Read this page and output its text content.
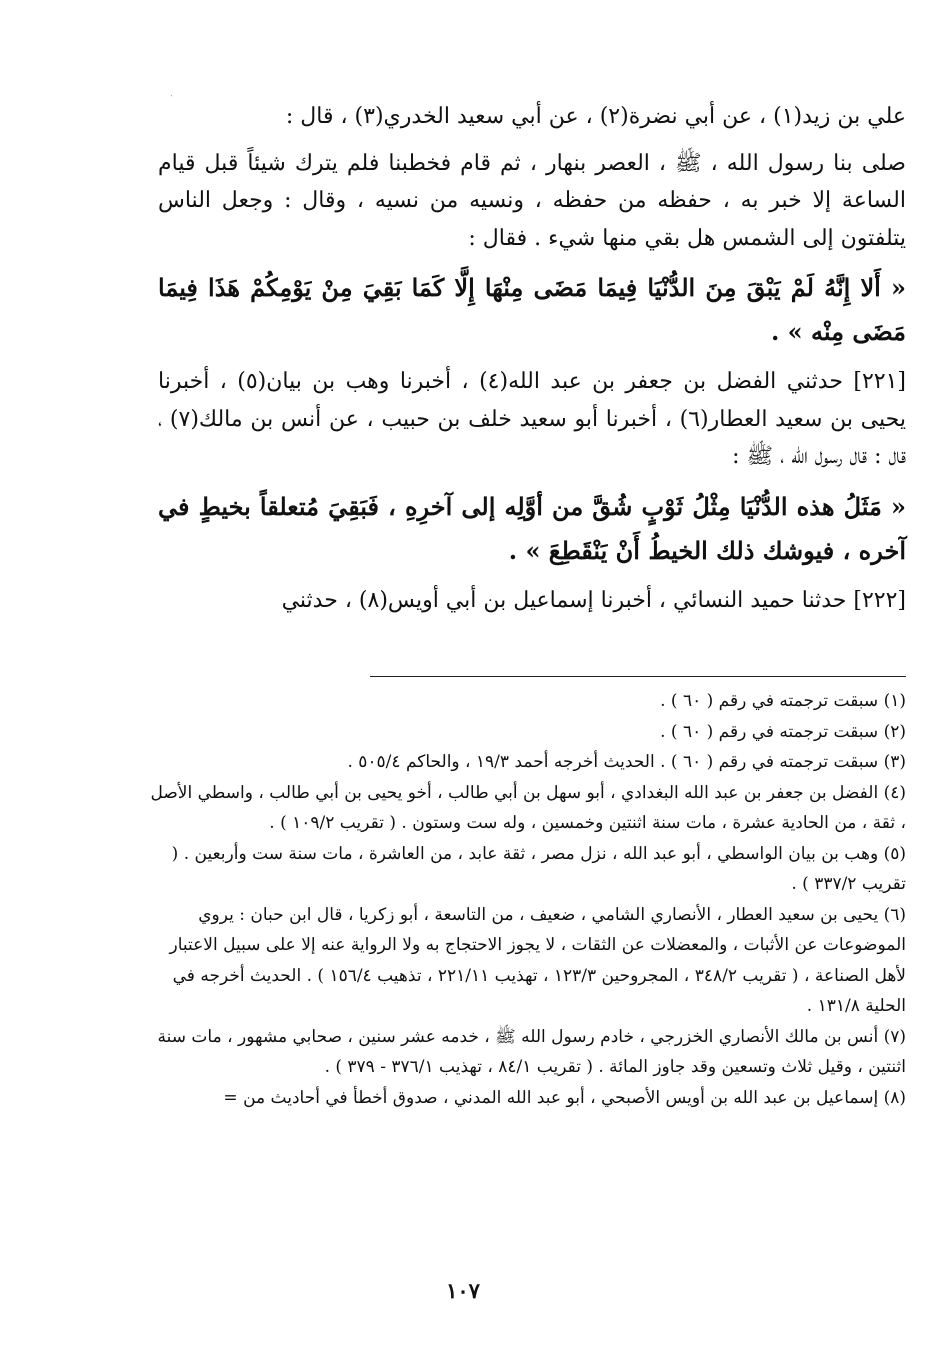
ˎ

علي بن زيد(١) ، عن أبي نضرة(٢) ، عن أبي سعيد الخدري(٣) ، قال :

صلى بنا رسول الله ، ﷺ ، العصر بنهار ، ثم قام فخطبنا فلم يترك شيئاً قبل قيام الساعة إلا خبر به ، حفظه من حفظه ، ونسيه من نسيه ، وقال : وجعل الناس يتلفتون إلى الشمس هل بقي منها شيء . فقال :

« أَلا إِنَّهُ لَمْ يَبْقَ مِنَ الدُّنْيَا فِيمَا مَضَى مِنْهَا إِلَّا كَمَا بَقِيَ مِنْ يَوْمِكُمْ هَذَا فِيمَا مَضَى مِنْه » .

[٢٢١] حدثني الفضل بن جعفر بن عبد الله(٤) ، أخبرنا وهب بن بيان(٥) ، أخبرنا يحيى بن سعيد العطار(٦) ، أخبرنا أبو سعيد خلف بن حبيب ، عن أنس بن مالك(٧) ، قال : قال رسول الله ، ﷺ :

« مَثَلُ هذه الدُّنْيَا مِثْلُ ثَوْبٍ شُقَّ من أوَّلِه إلى آخرِهِ ، فَبَقِيَ مُتعلقاً بخيطٍ في آخره ، فيوشك ذلك الخيطُ أَنْ يَنْقَطِعَ » .

[٢٢٢] حدثنا حميد النسائي ، أخبرنا إسماعيل بن أبي أويس(٨) ، حدثني

(١) سبقت ترجمته في رقم ( ٦٠ ) .

(٢) سبقت ترجمته في رقم ( ٦٠ ) .

(٣) سبقت ترجمته في رقم ( ٦٠ ) . الحديث أخرجه أحمد ١٩/٣ ، والحاكم ٥٠٥/٤ .

(٤) الفضل بن جعفر بن عبد الله البغدادي ، أبو سهل بن أبي طالب ، أخو يحيى بن أبي طالب ، واسطي الأصل ، ثقة ، من الحادية عشرة ، مات سنة اثنتين وخمسين ، وله ست وستون . ( تقريب ١٠٩/٢ ) .

(٥) وهب بن بيان الواسطي ، أبو عبد الله ، نزل مصر ، ثقة عابد ، من العاشرة ، مات سنة ست وأربعين . ( تقريب ٣٣٧/٢ ) .

(٦) يحيى بن سعيد العطار ، الأنصاري الشامي ، ضعيف ، من التاسعة ، أبو زكريا ، قال ابن حبان : يروي الموضوعات عن الأثبات ، والمعضلات عن الثقات ، لا يجوز الاحتجاج به ولا الرواية عنه إلا على سبيل الاعتبار لأهل الصناعة ، ( تقريب ٣٤٨/٢ ، المجروحين ١٢٣/٣ ، تهذيب ٢٢١/١١ ، تذهيب ١٥٦/٤ ) . الحديث أخرجه في الحلية ١٣١/٨ .

(٧) أنس بن مالك الأنصاري الخزرجي ، خادم رسول الله ﷺ ، خدمه عشر سنين ، صحابي مشهور ، مات سنة اثنتين ، وقيل ثلاث وتسعين وقد جاوز المائة . ( تقريب ٨٤/١ ، تهذيب ٣٧٦/١ - ٣٧٩ ) .

(٨) إسماعيل بن عبد الله بن أويس الأصبحي ، أبو عبد الله المدني ، صدوق أخطأ في أحاديث من =

١٠٧
